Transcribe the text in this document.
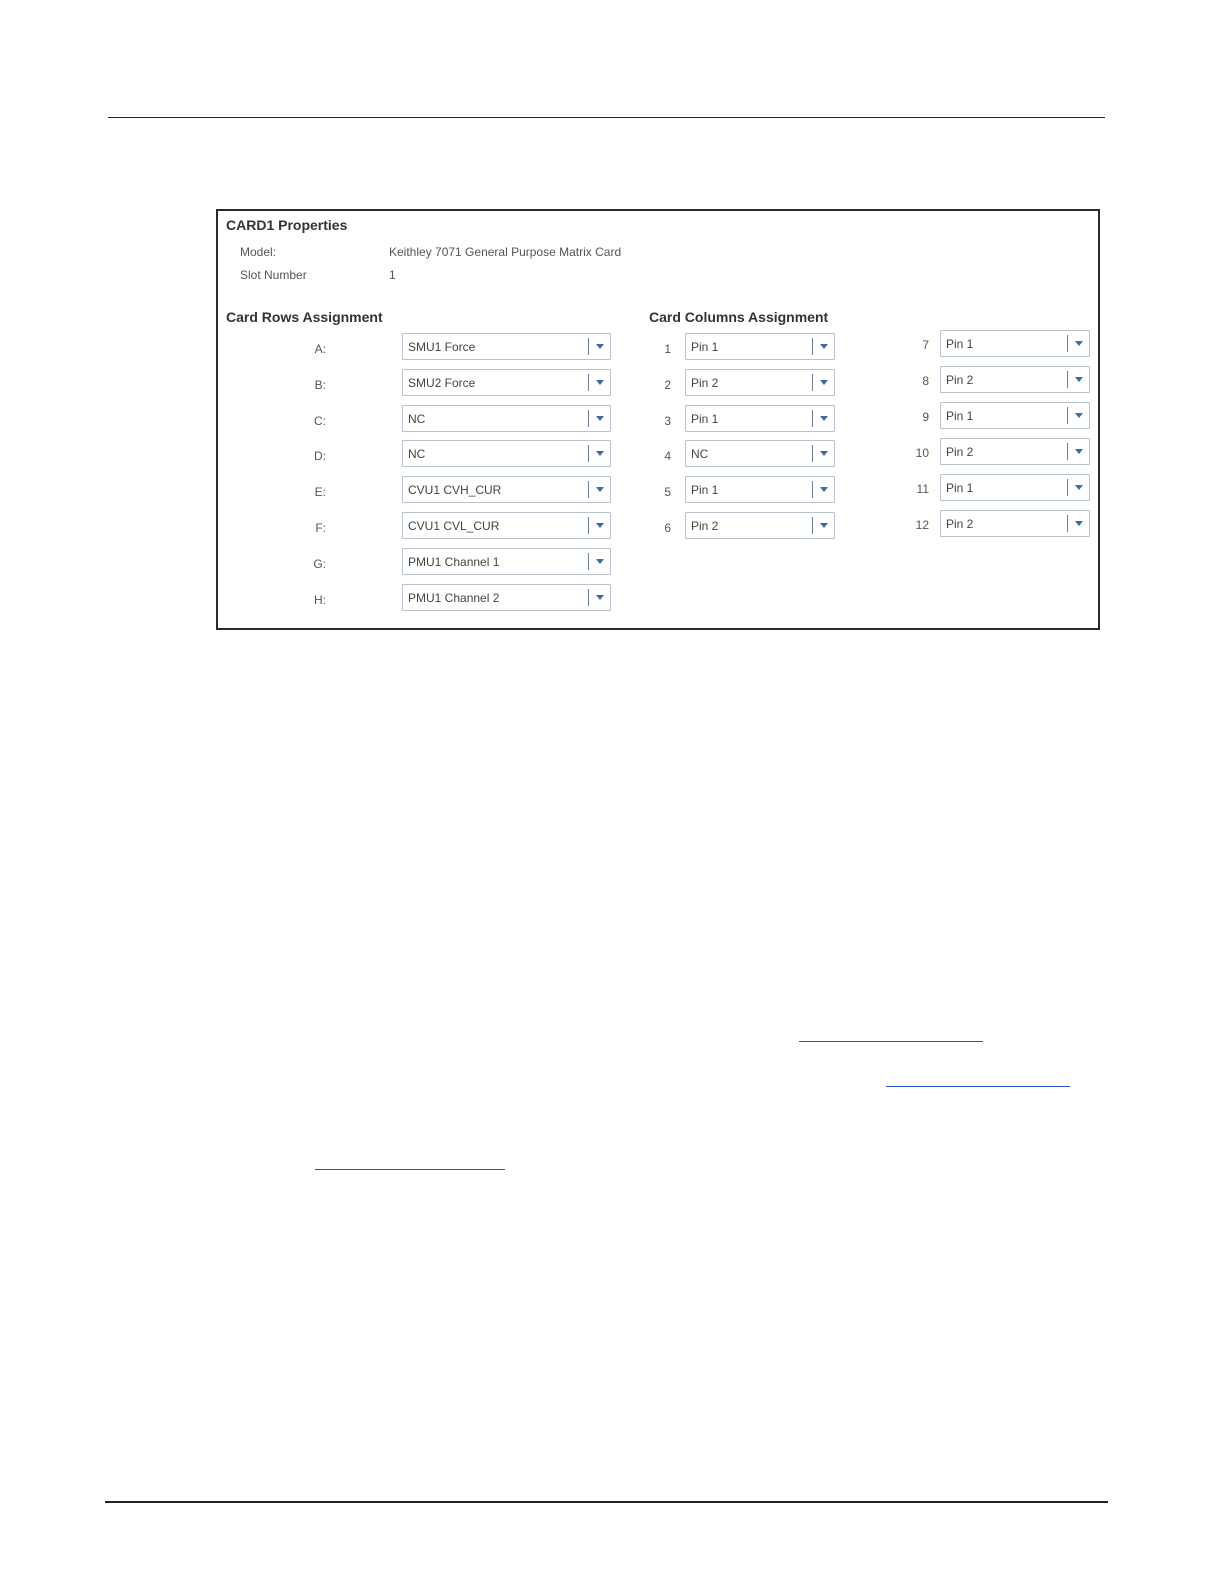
CARD1 Properties
Model:	Keithley 7071 General Purpose Matrix Card
Slot Number	1
Card Rows Assignment	Card Columns Assignment
A:	SMU1 Force
B:	SMU2 Force
C:	NC
D:	NC
E:	CVU1 CVH_CUR
F:	CVU1 CVL_CUR
G:	PMU1 Channel 1
H:	PMU1 Channel 2
1 Pin 1
2 Pin 2
3 Pin 1
4 NC
5 Pin 1
6 Pin 2
7 Pin 1
8 Pin 2
9 Pin 1
10 Pin 2
11 Pin 1
12 Pin 2
